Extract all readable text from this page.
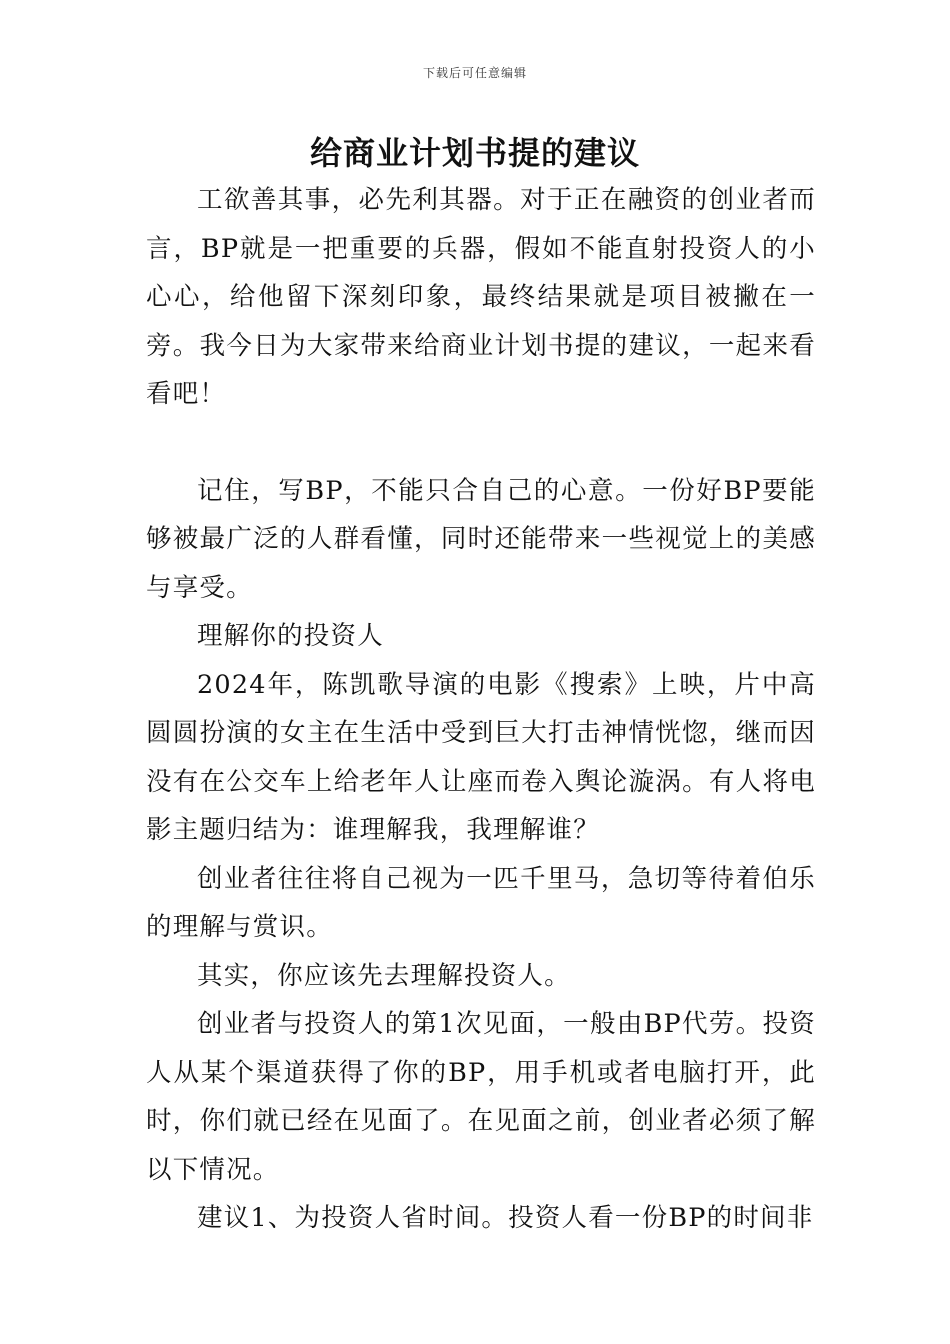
下载后可任意编辑
给商业计划书提的建议

工欲善其事，必先利其器。对于正在融资的创业者而言，BP就是一把重要的兵器，假如不能直射投资人的小心心，给他留下深刻印象，最终结果就是项目被撇在一旁。我今日为大家带来给商业计划书提的建议，一起来看看吧！

记住，写BP，不能只合自己的心意。一份好BP要能够被最广泛的人群看懂，同时还能带来一些视觉上的美感与享受。

理解你的投资人

2024年，陈凯歌导演的电影《搜索》上映，片中高圆圆扮演的女主在生活中受到巨大打击神情恍惚，继而因没有在公交车上给老年人让座而卷入舆论漩涡。有人将电影主题归结为：谁理解我，我理解谁？

创业者往往将自己视为一匹千里马，急切等待着伯乐的理解与赏识。

其实，你应该先去理解投资人。

创业者与投资人的第1次见面，一般由BP代劳。投资人从某个渠道获得了你的BP，用手机或者电脑打开，此时，你们就已经在见面了。在见面之前，创业者必须了解以下情况。

建议1、为投资人省时间。投资人看一份BP的时间非
